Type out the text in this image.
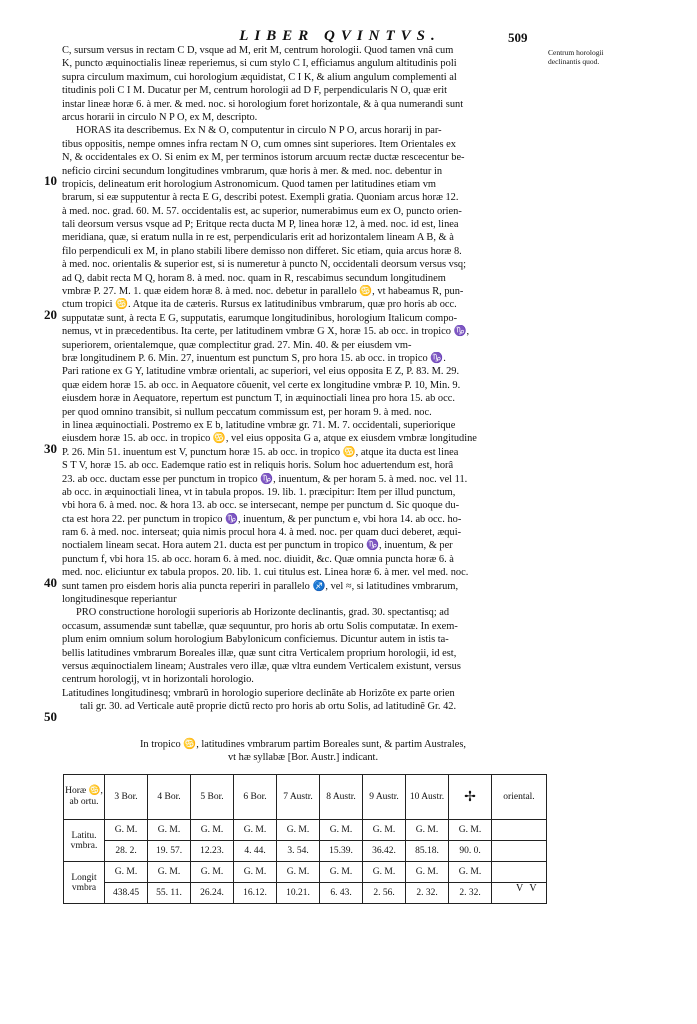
LIBER QVINTVS.	509
Centrum horologii declinantis quod.
10
20
30
40
50
C, sursum versus in rectam C D, vsque ad M, erit M, centrum horologii. Quod tamen vnâ cum
K, puncto æquinoctialis lineæ reperiemus, si cum stylo C I, efficiamus angulum altitudinis poli
supra circulum maximum, cui horologium æquidistat, C I K, & alium angulum complementi al
titudinis poli C I M. Ducatur per M, centrum horologii ad D F, perpendicularis N O, quæ erit
instar lineæ horæ 6. à mer. & med. noc. si horologium foret horizontale, & à qua numerandi sunt
arcus horarii in circulo N P O, ex M, descripto.
HORAS ita describemus. Ex N & O, computentur in circulo N P O, arcus horarij in par-
tibus oppositis, nempe omnes infra rectam N O, cum omnes sint superiores. Item Orientales ex
N, & occidentales ex O. Si enim ex M, per terminos istorum arcuum rectæ ductæ rescecentur be-
neficio circini secundum longitudines vmbrarum, quæ horis à mer. & med. noc. debentur in
tropicis, delineatum erit horologium Astronomicum. Quod tamen per latitudines etiam vm
brarum, si eæ supputentur à recta E G, describi potest. Exempli gratia. Quoniam arcus horæ 12.
à med. noc. grad. 60. M. 57. occidentalis est, ac superior, numerabimus eum ex O, puncto orien-
tali deorsum versus vsque ad P; Eritque recta ducta M P, linea horæ 12, à med. noc. id est, linea
meridiana, quæ, si eratum nulla in re est, perpendicularis erit ad horizontalem lineam A B, & à
filo perpendiculi ex M, in plano stabili libere demisso non differet. Sic etiam, quia arcus horæ 8.
à med. noc. orientalis & superior est, si is numeretur à puncto N, occidentali deorsum versus vsq;
ad Q, dabit recta M Q, horam 8. à med. noc. quam in R, rescabimus secundum longitudinem
vmbræ P. 27. M. 1. quæ eidem horæ 8. à med. noc. debetur in parallelo ♋, vt habeamus R, pun-
ctum tropici ♋. Atque ita de cæteris. Rursus ex latitudinibus vmbrarum, quæ pro horis ab occ.
supputatæ sunt, à recta E G, supputatis, earumque longitudinibus, horologium Italicum compo-
nemus, vt in præcedentibus. Ita certe, per latitudinem vmbræ G X, horæ 15. ab occ. in tropico ♑,
superiorem, orientalemque, quæ complectitur grad. 27. Min. 40. & per eiusdem vm-
bræ longitudinem P. 6. Min. 27, inuentum est punctum S, pro hora 15. ab occ. in tropico ♑.
Pari ratione ex G Y, latitudine vmbræ orientali, ac superiori, vel eius opposita E Z, P. 83. M. 29.
quæ eidem horæ 15. ab occ. in Aequatore cõuenit, vel certe ex longitudine vmbræ P. 10, Min. 9.
eiusdem horæ in Aequatore, repertum est punctum T, in æquinoctiali linea pro hora 15. ab occ.
per quod omnino transibit, si nullum peccatum commissum est, per horam 9. à med. noc.
in linea æquinoctiali. Postremo ex E b, latitudine vmbræ gr. 71. M. 7. occidentali, superiorique
eiusdem horæ 15. ab occ. in tropico ♋, vel eius opposita G a, atque ex eiusdem vmbræ longitudine
P. 26. Min 51. inuentum est V, punctum horæ 15. ab occ. in tropico ♋, atque ita ducta est linea
S T V, horæ 15. ab occ. Eademque ratio est in reliquis horis. Solum hoc aduertendum est, horâ
23. ab occ. ductam esse per punctum in tropico ♑, inuentum, & per horam 5. à med. noc. vel 11.
ab occ. in æquinoctiali linea, vt in tabula propos. 19. lib. 1. præcipitur: Item per illud punctum,
vbi hora 6. à med. noc. & hora 13. ab occ. se intersecant, nempe per punctum d. Sic quoque du-
cta est hora 22. per punctum in tropico ♑, inuentum, & per punctum e, vbi hora 14. ab occ. ho-
ram 6. à med. noc. interseat; quia nimis procul hora 4. à med. noc. per quam duci deberet, æqui-
noctialem lineam secat. Hora autem 21. ducta est per punctum in tropico ♑, inuentum, & per
punctum f, vbi hora 15. ab occ. horam 6. à med. noc. diuidit, &c. Quæ omnia puncta horæ 6. à
med. noc. eliciuntur ex tabula propos. 20. lib. 1. cui titulus est. Linea horæ 6. à mer. vel med. noc.
sunt tamen pro eisdem horis alia puncta reperiri in parallelo ♐, vel ≈, si latitudines vmbrarum,
longitudinesque reperiantur
PRO constructione horologii superioris ab Horizonte declinantis, grad. 30. spectantisq; ad
occasum, assumendæ sunt tabellæ, quæ sequuntur, pro horis ab ortu Solis computatæ. In exem-
plum enim omnium solum horologium Babylonicum conficiemus. Dicuntur autem in istis ta-
bellis latitudines vmbrarum Boreales illæ, quæ sunt citra Verticalem proprium horologii, id est,
versus æquinoctialem lineam; Australes vero illæ, quæ vltra eundem Verticalem existunt, versus
centrum horologij, vt in horizontali horologio.
Latitudines longitudinesq; vmbrarũ in horologio superiore declinãte ab Horizõte ex parte orien
tali gr. 30. ad Verticale autẽ proprie dictũ recto pro horis ab ortu Solis, ad latitudinẽ Gr. 42.
In tropico ♋, latitudines vmbrarum partim Boreales sunt, & partim Australes,
vt hæ syllabæ [Bor. Austr.] indicant.
Horæ ♋, ab ortu.	3 Bor.	4 Bor.	5 Bor.	6 Bor.	7 Austr.	8 Austr.	9 Austr.	10 Austr.	✢	oriental.
Latitu. vmbra.	G. M.	G. M.	G. M.	G. M.	G. M.	G. M.	G. M.	G. M.	G. M.	
	28. 2.	19. 57.	12.23.	4. 44.	3. 54.	15.39.	36.42.	85.18.	90. 0.	
Longit vmbra	G. M.	G. M.	G. M.	G. M.	G. M.	G. M.	G. M.	G. M.	G. M.	
	438.45	55. 11.	26.24.	16.12.	10.21.	6. 43.	2. 56.	2. 32.	2. 32.		V V
